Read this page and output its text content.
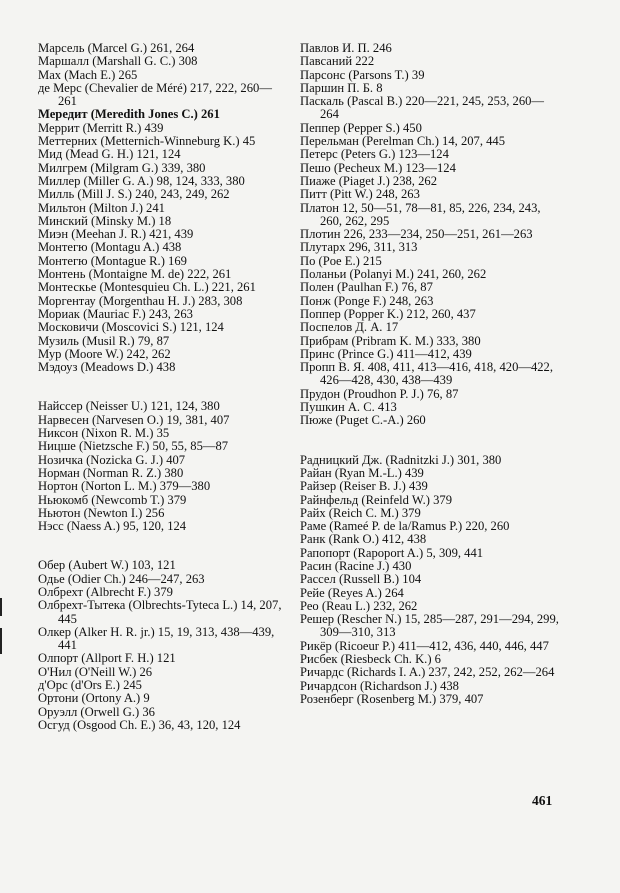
Марсель (Marcel G.) 261, 264
Маршалл (Marshall G. C.) 308
Мах (Mach E.) 265
де Мерс (Chevalier de Méré) 217, 222, 260—261
Мередит (Meredith Jones C.) 261
Меррит (Merritt R.) 439
Меттерних (Metternich-Winneburg K.) 45
Мид (Mead G. H.) 121, 124
Милгрем (Milgram G.) 339, 380
Миллер (Miller G. A.) 98, 124, 333, 380
Милль (Mill J. S.) 240, 243, 249, 262
Мильтон (Milton J.) 241
Минский (Minsky M.) 18
Миэн (Meehan J. R.) 421, 439
Монтегю (Montagu A.) 438
Монтегю (Montague R.) 169
Монтень (Montaigne M. de) 222, 261
Монтескье (Montesquieu Ch. L.) 221, 261
Моргентау (Morgenthau H. J.) 283, 308
Мориак (Mauriac F.) 243, 263
Московичи (Moscovici S.) 121, 124
Музиль (Musil R.) 79, 87
Мур (Moore W.) 242, 262
Мэдоуз (Meadows D.) 438
Найссер (Neisser U.) 121, 124, 380
Нарвесен (Narvesen O.) 19, 381, 407
Никсон (Nixon R. M.) 35
Ницше (Nietzsche F.) 50, 55, 85—87
Нозичка (Nozicka G. J.) 407
Норман (Norman R. Z.) 380
Нортон (Norton L. M.) 379—380
Ньюкомб (Newcomb T.) 379
Ньютон (Newton I.) 256
Нэсс (Naess A.) 95, 120, 124
Обер (Aubert W.) 103, 121
Одье (Odier Ch.) 246—247, 263
Олбрехт (Albrecht F.) 379
Олбрехт-Тытека (Olbrechts-Tyteca L.) 14, 207, 445
Олкер (Alker H. R. jr.) 15, 19, 313, 438—439, 441
Олпорт (Allport F. H.) 121
О'Нил (O'Neill W.) 26
д'Орс (d'Ors E.) 245
Ортони (Ortony A.) 9
Оруэлл (Orwell G.) 36
Осгуд (Osgood Ch. E.) 36, 43, 120, 124
Павлов И. П. 246
Павсаний 222
Парсонс (Parsons T.) 39
Паршин П. Б. 8
Паскаль (Pascal B.) 220—221, 245, 253, 260—264
Пеппер (Pepper S.) 450
Перельман (Perelman Ch.) 14, 207, 445
Петерс (Peters G.) 123—124
Пешо (Pecheux M.) 123—124
Пиаже (Piaget J.) 238, 262
Питт (Pitt W.) 248, 263
Платон 12, 50—51, 78—81, 85, 226, 234, 243, 260, 262, 295
Плотин 226, 233—234, 250—251, 261—263
Плутарх 296, 311, 313
По (Poe E.) 215
Поланьи (Polanyi M.) 241, 260, 262
Полен (Paulhan F.) 76, 87
Понж (Ponge F.) 248, 263
Поппер (Popper K.) 212, 260, 437
Поспелов Д. А. 17
Прибрам (Pribram K. M.) 333, 380
Принс (Prince G.) 411—412, 439
Пропп В. Я. 408, 411, 413—416, 418, 420—422, 426—428, 430, 438—439
Прудон (Proudhon P. J.) 76, 87
Пушкин А. С. 413
Пюже (Puget C.-A.) 260
Радницкий Дж. (Radnitzki J.) 301, 380
Райан (Ryan M.-L.) 439
Райзер (Reiser B. J.) 439
Райнфельд (Reinfeld W.) 379
Райх (Reich C. M.) 379
Раме (Rameé P. de la/Ramus P.) 220, 260
Ранк (Rank O.) 412, 438
Рапопорт (Rapoport A.) 5, 309, 441
Расин (Racine J.) 430
Рассел (Russell B.) 104
Рейе (Reyes A.) 264
Рео (Reau L.) 232, 262
Решер (Rescher N.) 15, 285—287, 291—294, 299, 309—310, 313
Рикёр (Ricoeur P.) 411—412, 436, 440, 446, 447
Рисбек (Riesbeck Ch. K.) 6
Ричардс (Richards I. A.) 237, 242, 252, 262—264
Ричардсон (Richardson J.) 438
Розенберг (Rosenberg M.) 379, 407
461
